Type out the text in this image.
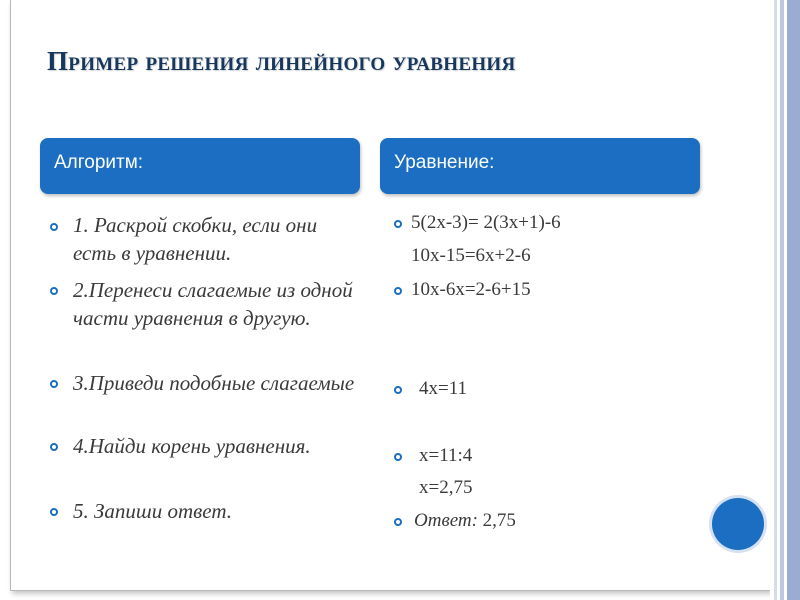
Пример решения линейного уравнения
Алгоритм:	Уравнение:
1. Раскрой скобки, если они есть в уравнении.
2.Перенеси слагаемые из одной части уравнения в другую.
3.Приведи подобные слагаемые
4.Найди корень уравнения.
5. Запиши ответ.
5(2х-3)= 2(3х+1)-6
10х-15=6х+2-6
10х-6х=2-6+15
4х=11
х=11:4
х=2,75
Ответ: 2,75
